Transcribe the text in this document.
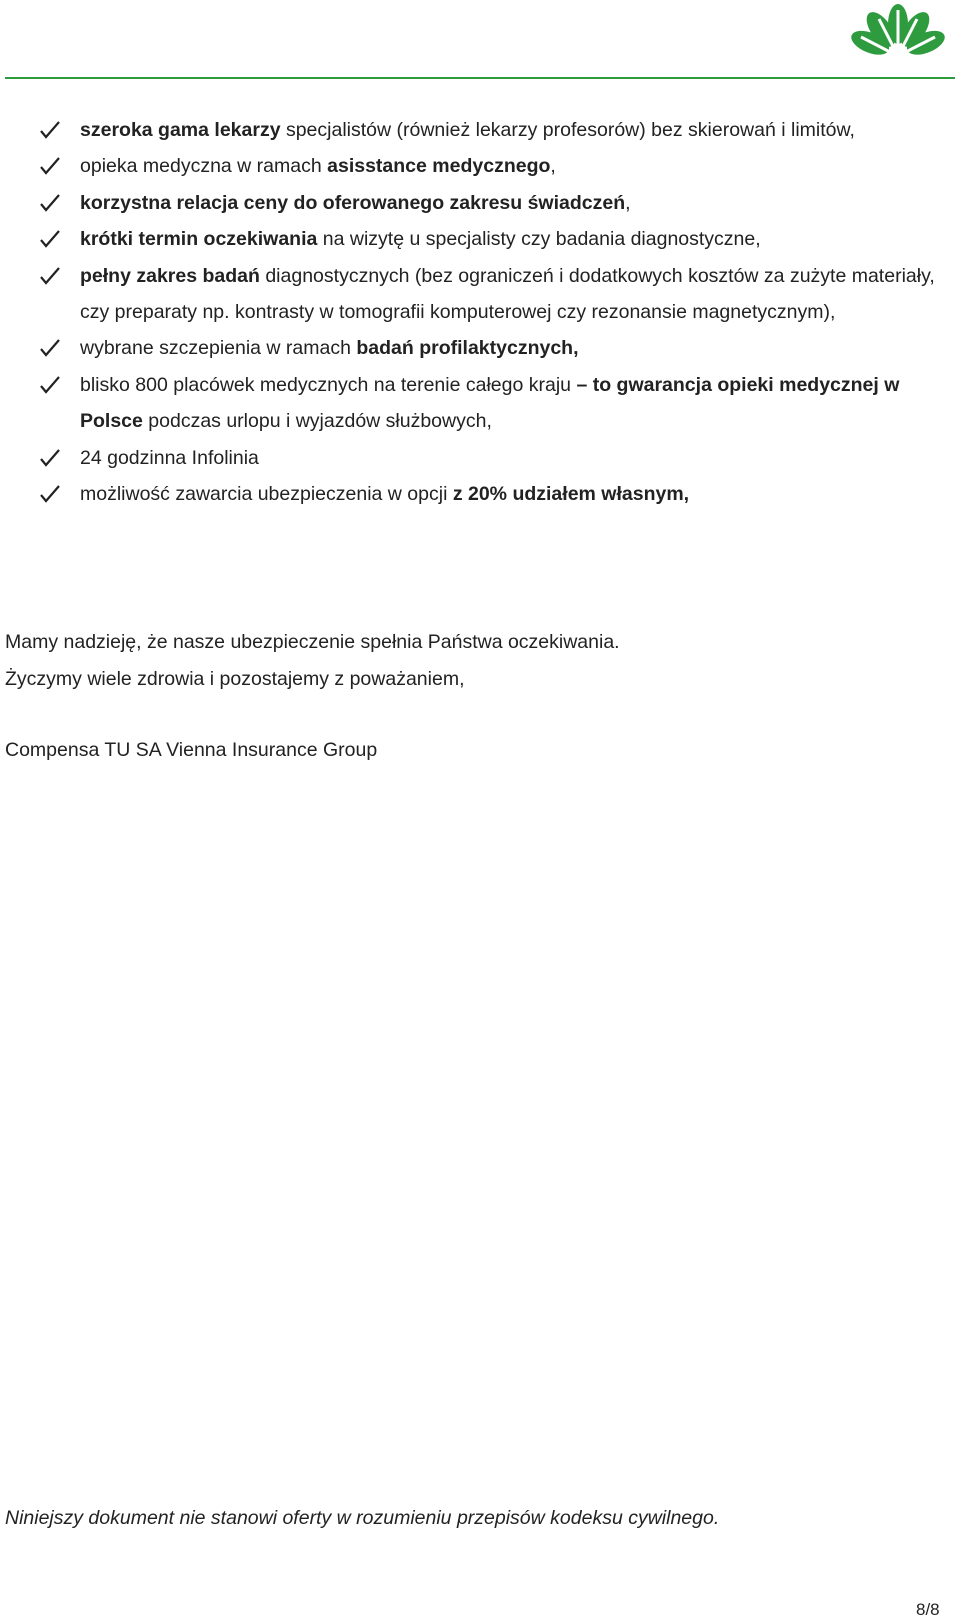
szeroka gama lekarzy specjalistów (również lekarzy profesorów) bez skierowań i limitów,
opieka medyczna w ramach asisstance medycznego,
korzystna relacja ceny do oferowanego zakresu świadczeń,
krótki termin oczekiwania na wizytę u specjalisty czy badania diagnostyczne,
pełny zakres badań diagnostycznych (bez ograniczeń i dodatkowych kosztów za zużyte materiały, czy preparaty np. kontrasty w tomografii komputerowej czy rezonansie magnetycznym),
wybrane szczepienia w ramach badań profilaktycznych,
blisko 800 placówek medycznych na terenie całego kraju – to gwarancja opieki medycznej w Polsce podczas urlopu i wyjazdów służbowych,
24 godzinna Infolinia
możliwość zawarcia ubezpieczenia w opcji z 20% udziałem własnym,

Mamy nadzieję, że nasze ubezpieczenie spełnia Państwa oczekiwania.

Życzymy wiele zdrowia i pozostajemy z poważaniem,

Compensa TU SA Vienna Insurance Group

Niniejszy dokument nie stanowi oferty w rozumieniu przepisów kodeksu cywilnego.

8/8
